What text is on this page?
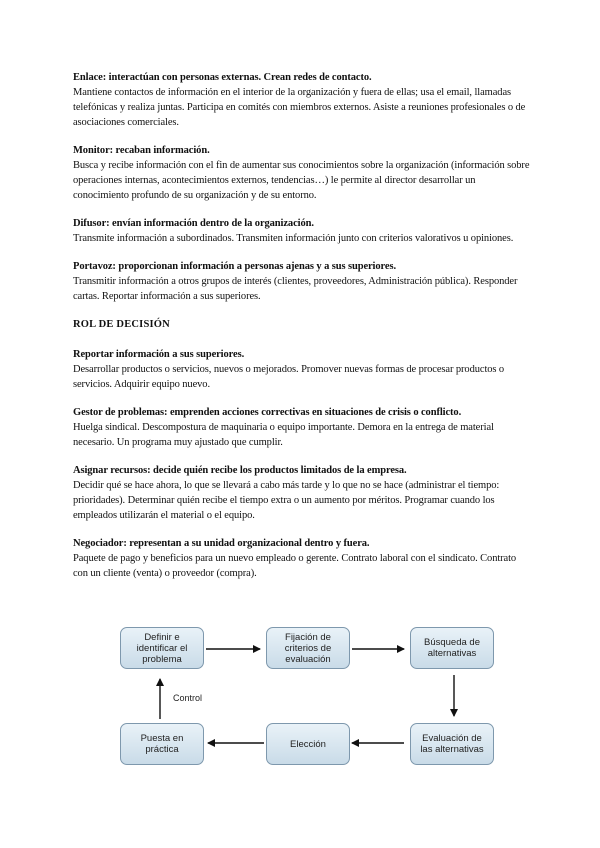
Enlace: interactúan con personas externas. Crean redes de contacto.

Mantiene contactos de información en el interior de la organización y fuera de ellas; usa el email, llamadas telefónicas y realiza juntas. Participa en comités con miembros externos. Asiste a reuniones profesionales o de asociaciones comerciales.

Monitor: recaban información.

Busca y recibe información con el fin de aumentar sus conocimientos sobre la organización (información sobre operaciones internas, acontecimientos externos, tendencias…) le permite al director desarrollar un conocimiento profundo de su organización y de su entorno.

Difusor: envían información dentro de la organización.

Transmite información a subordinados. Transmiten información junto con criterios valorativos u opiniones.

Portavoz: proporcionan información a personas ajenas y a sus superiores.

Transmitir información a otros grupos de interés (clientes, proveedores, Administración pública). Responder cartas. Reportar información a sus superiores.

ROL DE DECISIÓN
Reportar información a sus superiores.

Desarrollar productos o servicios, nuevos o mejorados. Promover nuevas formas de procesar productos o servicios. Adquirir equipo nuevo.

Gestor de problemas: emprenden acciones correctivas en situaciones de crisis o conflicto.

Huelga sindical. Descompostura de maquinaria o equipo importante. Demora en la entrega de material necesario. Un programa muy ajustado que cumplir.

Asignar recursos: decide quién recibe los productos limitados de la empresa.

Decidir qué se hace ahora, lo que se llevará a cabo más tarde y lo que no se hace (administrar el tiempo: prioridades). Determinar quién recibe el tiempo extra o un aumento por méritos. Programar cuando los empleados utilizarán el material o el equipo.

Negociador: representan a su unidad organizacional dentro y fuera.

Paquete de pago y beneficios para un nuevo empleado o gerente. Contrato laboral con el sindicato. Contrato con un cliente (venta) o proveedor (compra).

Definir e identificar el problema
Fijación de criterios de evaluación
Búsqueda de alternativas
Puesta en práctica	Elección	Evaluación de las alternativas
Control
